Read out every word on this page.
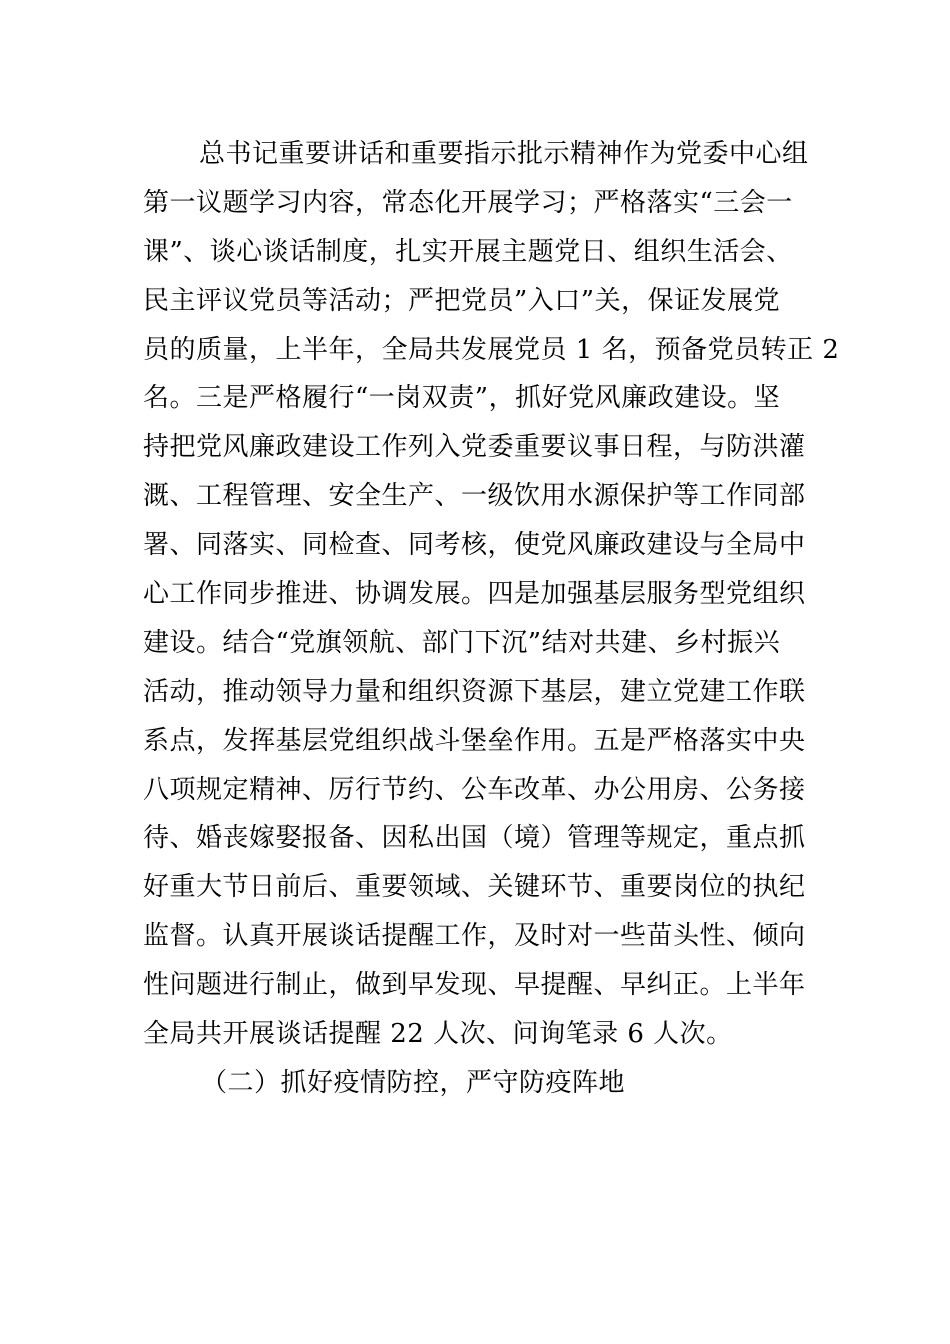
总书记重要讲话和重要指示批示精神作为党委中心组
第一议题学习内容，常态化开展学习；严格落实“三会一
课”、谈心谈话制度，扎实开展主题党日、组织生活会、
民主评议党员等活动；严把党员”入口”关，保证发展党
员的质量，上半年，全局共发展党员 1 名，预备党员转正 2
名。三是严格履行“一岗双责”，抓好党风廉政建设。坚
持把党风廉政建设工作列入党委重要议事日程，与防洪灌
溉、工程管理、安全生产、一级饮用水源保护等工作同部
署、同落实、同检查、同考核，使党风廉政建设与全局中
心工作同步推进、协调发展。四是加强基层服务型党组织
建设。结合“党旗领航、部门下沉”结对共建、乡村振兴
活动，推动领导力量和组织资源下基层，建立党建工作联
系点，发挥基层党组织战斗堡垒作用。五是严格落实中央
八项规定精神、厉行节约、公车改革、办公用房、公务接
待、婚丧嫁娶报备、因私出国（境）管理等规定，重点抓
好重大节日前后、重要领域、关键环节、重要岗位的执纪
监督。认真开展谈话提醒工作，及时对一些苗头性、倾向
性问题进行制止，做到早发现、早提醒、早纠正。上半年
全局共开展谈话提醒 22 人次、问询笔录 6 人次。
（二）抓好疫情防控，严守防疫阵地
